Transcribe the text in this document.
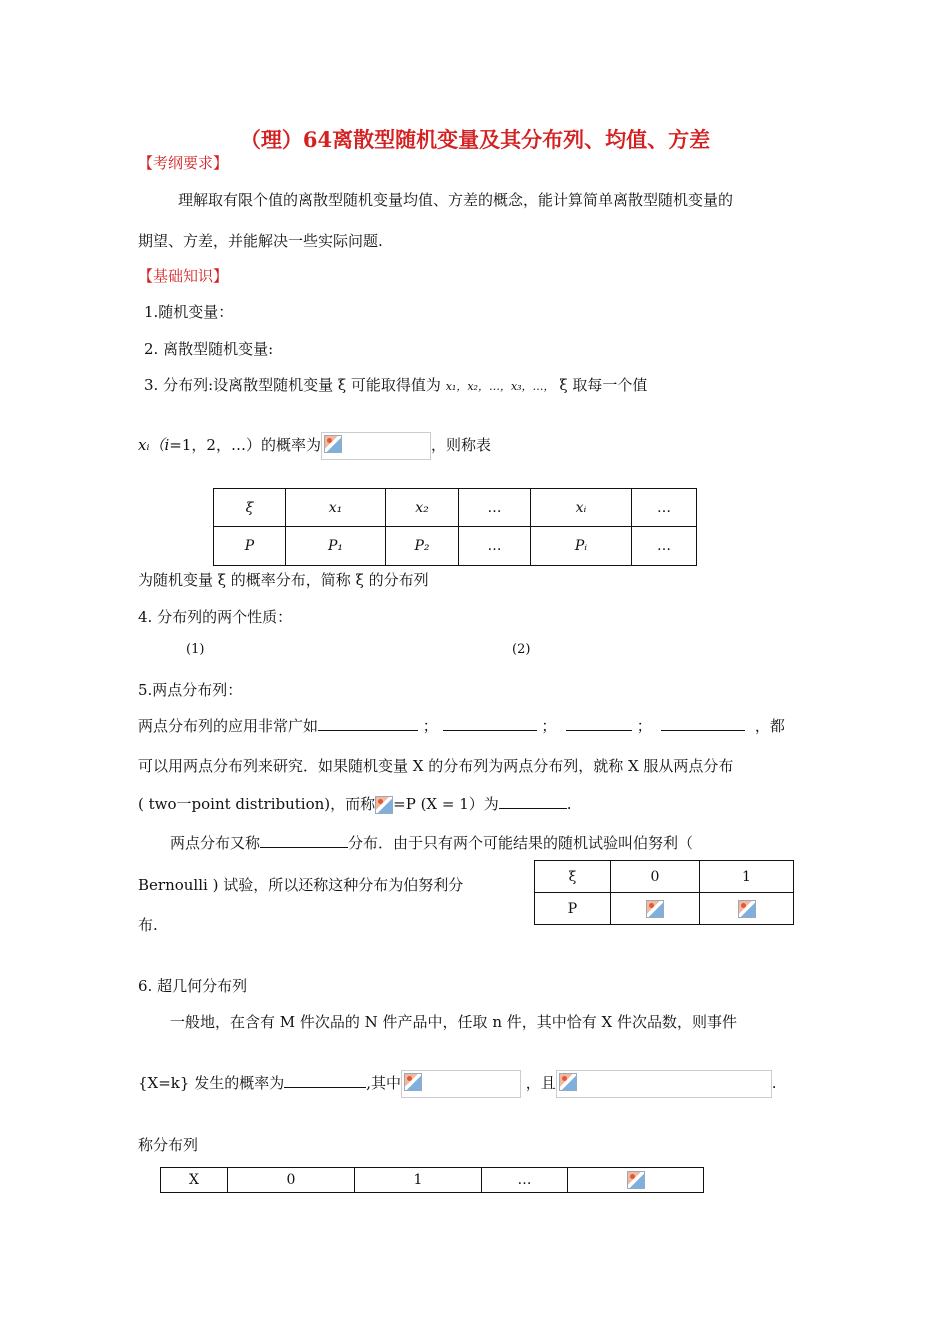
（理）64离散型随机变量及其分布列、均值、方差
【考纲要求】
理解取有限个值的离散型随机变量均值、方差的概念，能计算简单离散型随机变量的
期望、方差，并能解决一些实际问题.
【基础知识】
1.随机变量：
2. 离散型随机变量:
3. 分布列:设离散型随机变量 ξ 可能取得值为 x₁，x₂，…，x₃，…， ξ 取每一个值
xᵢ（i=1，2，…）的概率为	，则称表
ξ	x₁	x₂	…	xᵢ	…
P	P₁	P₂	…	Pᵢ	…
为随机变量 ξ 的概率分布，简称 ξ 的分布列
4. 分布列的两个性质：
(1)	(2)
5.两点分布列：
两点分布列的应用非常广如	；	；	；	，都
可以用两点分布列来研究．如果随机变量 X 的分布列为两点分布列，就称 X 服从两点分布
( two一point distribution)，而称 =P (X = 1）为	.
两点分布又称	分布．由于只有两个可能结果的随机试验叫伯努利（
Bernoulli ) 试验，所以还称这种分布为伯努利分
布.
ξ	0	1
P		
6. 超几何分布列
一般地，在含有 M 件次品的 N 件产品中，任取 n 件，其中恰有 X 件次品数，则事件
{X=k} 发生的概率为	,其中	，且	.
称分布列
X	0	1	…	
